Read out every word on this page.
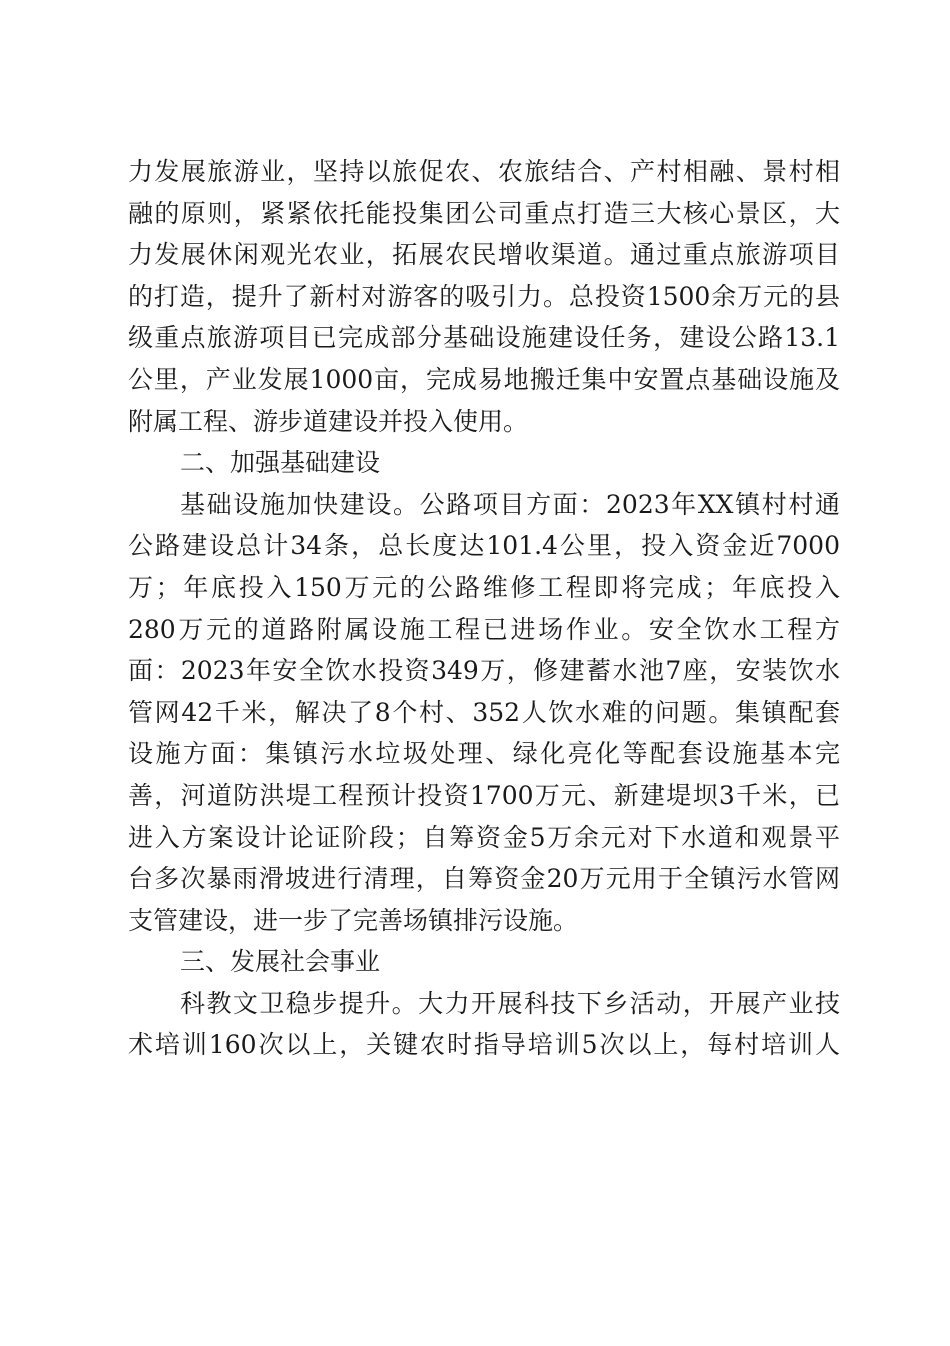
力发展旅游业，坚持以旅促农、农旅结合、产村相融、景村相

融的原则，紧紧依托能投集团公司重点打造三大核心景区，大

力发展休闲观光农业，拓展农民增收渠道。通过重点旅游项目

的打造，提升了新村对游客的吸引力。总投资1500余万元的县

级重点旅游项目已完成部分基础设施建设任务，建设公路13.1

公里，产业发展1000亩，完成易地搬迁集中安置点基础设施及

附属工程、游步道建设并投入使用。

二、加强基础建设

基础设施加快建设。公路项目方面：2023年XX镇村村通

公路建设总计34条，总长度达101.4公里，投入资金近7000

万；年底投入150万元的公路维修工程即将完成；年底投入

280万元的道路附属设施工程已进场作业。安全饮水工程方

面：2023年安全饮水投资349万，修建蓄水池7座，安装饮水

管网42千米，解决了8个村、352人饮水难的问题。集镇配套

设施方面：集镇污水垃圾处理、绿化亮化等配套设施基本完

善，河道防洪堤工程预计投资1700万元、新建堤坝3千米，已

进入方案设计论证阶段；自筹资金5万余元对下水道和观景平

台多次暴雨滑坡进行清理，自筹资金20万元用于全镇污水管网

支管建设，进一步了完善场镇排污设施。

三、发展社会事业

科教文卫稳步提升。大力开展科技下乡活动，开展产业技

术培训160次以上，关键农时指导培训5次以上，每村培训人
